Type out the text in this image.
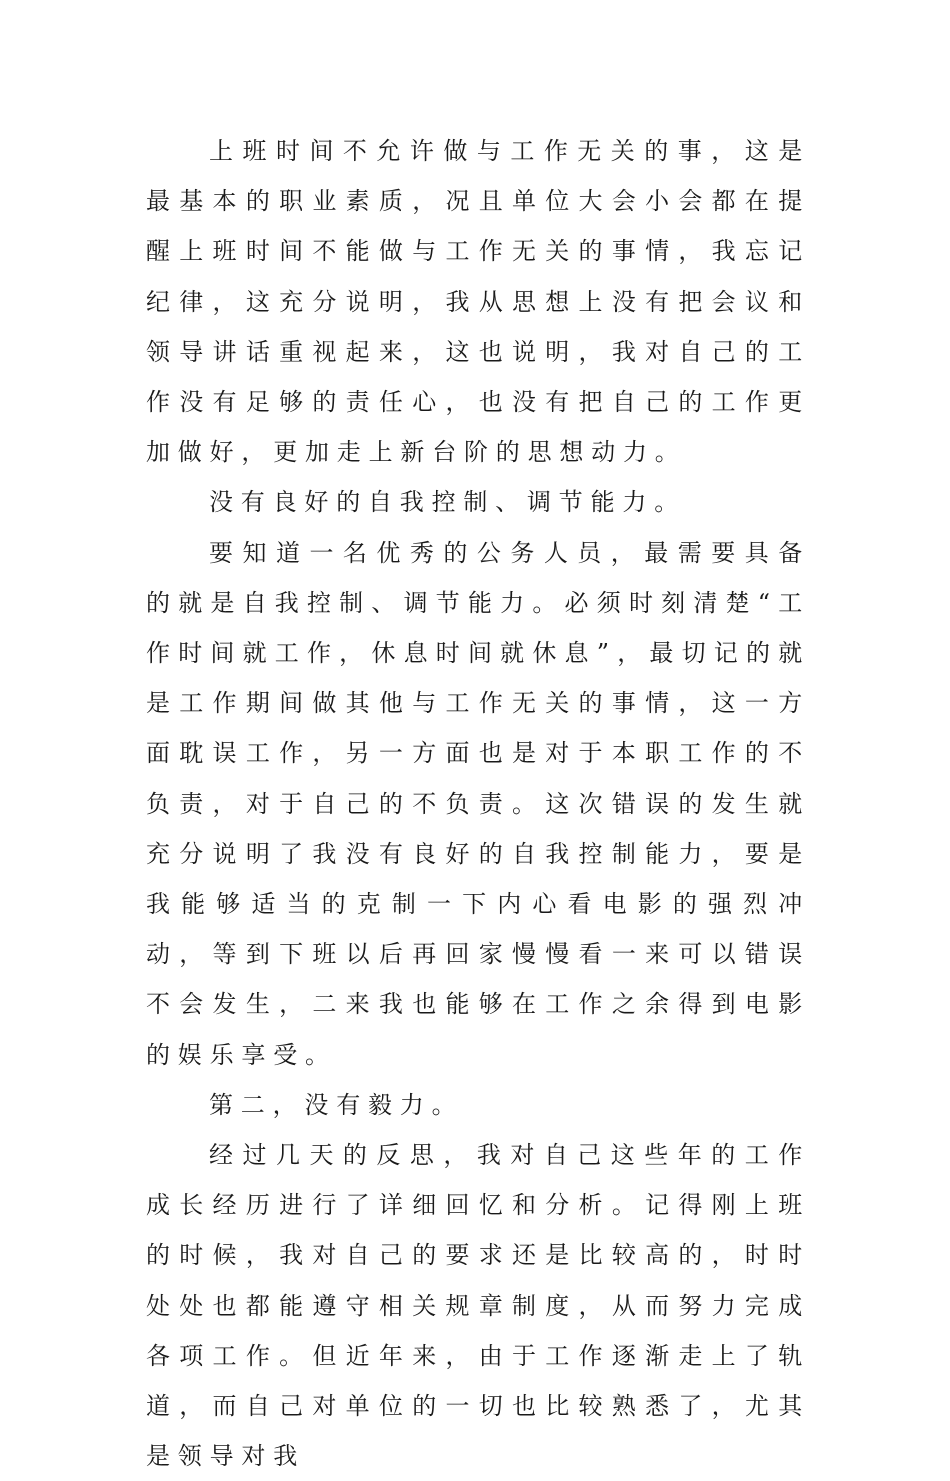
上班时间不允许做与工作无关的事，这是最基本的职业素质，况且单位大会小会都在提醒上班时间不能做与工作无关的事情，我忘记纪律，这充分说明，我从思想上没有把会议和领导讲话重视起来，这也说明，我对自己的工作没有足够的责任心，也没有把自己的工作更加做好，更加走上新台阶的思想动力。

没有良好的自我控制、调节能力。

要知道一名优秀的公务人员，最需要具备的就是自我控制、调节能力。必须时刻清楚“工作时间就工作，休息时间就休息”，最切记的就是工作期间做其他与工作无关的事情，这一方面耽误工作，另一方面也是对于本职工作的不负责，对于自己的不负责。这次错误的发生就充分说明了我没有良好的自我控制能力，要是我能够适当的克制一下内心看电影的强烈冲动，等到下班以后再回家慢慢看一来可以错误不会发生，二来我也能够在工作之余得到电影的娱乐享受。

第二，没有毅力。

经过几天的反思，我对自己这些年的工作成长经历进行了详细回忆和分析。记得刚上班的时候，我对自己的要求还是比较高的，时时处处也都能遵守相关规章制度，从而努力完成各项工作。但近年来，由于工作逐渐走上了轨道，而自己对单位的一切也比较熟悉了，尤其是领导对我
